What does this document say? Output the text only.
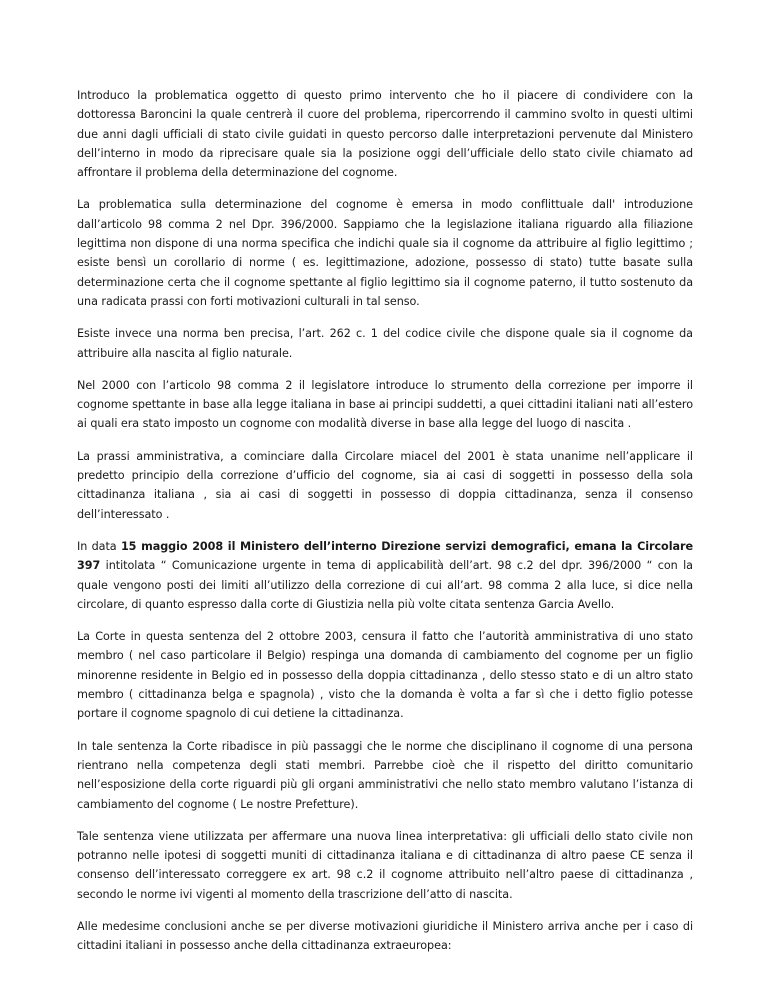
Introduco la problematica oggetto di questo primo intervento che ho il piacere di condividere con la dottoressa Baroncini la quale centrerà il cuore del problema, ripercorrendo il cammino svolto in questi ultimi due anni dagli ufficiali di stato civile guidati in questo percorso dalle interpretazioni pervenute dal Ministero dell’interno in modo da riprecisare quale sia la posizione oggi dell’ufficiale dello stato civile chiamato ad affrontare il problema della determinazione del cognome.

La problematica sulla determinazione del cognome è emersa in modo conflittuale dall' introduzione dall’articolo 98 comma 2 nel Dpr. 396/2000. Sappiamo che la legislazione italiana riguardo alla filiazione legittima non dispone di una norma specifica che indichi quale sia il cognome da attribuire al figlio legittimo ; esiste bensì un corollario di norme ( es. legittimazione, adozione, possesso di stato) tutte basate sulla determinazione certa che il cognome spettante al figlio legittimo sia il cognome paterno, il tutto sostenuto da una radicata prassi con forti motivazioni culturali in tal senso.

Esiste invece una norma ben precisa, l’art. 262 c. 1 del codice civile che dispone quale sia il cognome da attribuire alla nascita al figlio naturale.

Nel 2000 con l’articolo 98 comma 2 il legislatore introduce lo strumento della correzione per imporre il cognome spettante in base alla legge italiana in base ai principi suddetti, a quei cittadini italiani nati all’estero ai quali era stato imposto un cognome con modalità diverse in base alla legge del luogo di nascita .

La prassi amministrativa, a cominciare dalla Circolare miacel del 2001 è stata unanime nell’applicare il predetto principio della correzione d’ufficio del cognome, sia ai casi di soggetti in possesso della sola cittadinanza italiana , sia ai casi di soggetti in possesso di doppia cittadinanza, senza il consenso dell’interessato .

In data 15 maggio 2008 il Ministero dell’interno Direzione servizi demografici, emana la Circolare 397 intitolata “ Comunicazione urgente in tema di applicabilità dell’art. 98 c.2 del dpr. 396/2000 “ con la quale vengono posti dei limiti all’utilizzo della correzione di cui all’art. 98 comma 2 alla luce, si dice nella circolare, di quanto espresso dalla corte di Giustizia nella più volte citata sentenza Garcia Avello.

La Corte in questa sentenza del 2 ottobre 2003, censura il fatto che l’autorità amministrativa di uno stato membro ( nel caso particolare il Belgio) respinga una domanda di cambiamento del cognome per un figlio minorenne residente in Belgio ed in possesso della doppia cittadinanza , dello stesso stato e di un altro stato membro ( cittadinanza belga e spagnola) , visto che la domanda è volta a far sì che i detto figlio potesse portare il cognome spagnolo di cui detiene la cittadinanza.

In tale sentenza la Corte ribadisce in più passaggi che le norme che disciplinano il cognome di una persona rientrano nella competenza degli stati membri. Parrebbe cioè che il rispetto del diritto comunitario nell’esposizione della corte riguardi più gli organi amministrativi che nello stato membro valutano l’istanza di cambiamento del cognome ( Le nostre Prefetture).

Tale sentenza viene utilizzata per affermare una nuova linea interpretativa: gli ufficiali dello stato civile non potranno nelle ipotesi di soggetti muniti di cittadinanza italiana e di cittadinanza di altro paese CE senza il consenso dell’interessato correggere ex art. 98 c.2 il cognome attribuito nell’altro paese di cittadinanza , secondo le norme ivi vigenti al momento della trascrizione dell’atto di nascita.

Alle medesime conclusioni anche se per diverse motivazioni giuridiche il Ministero arriva anche per i caso di cittadini italiani in possesso anche della cittadinanza extraeuropea:
